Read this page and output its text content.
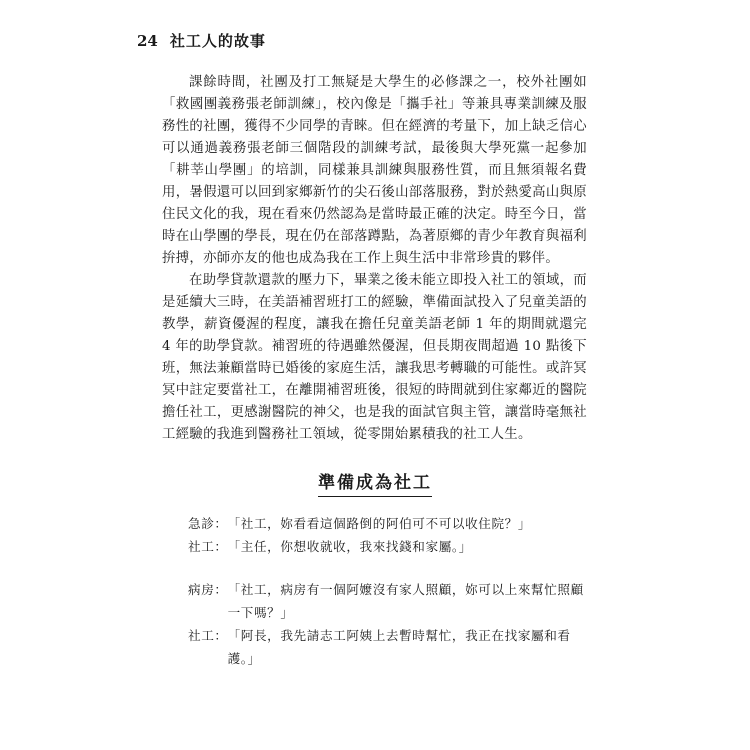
24 社工人的故事

課餘時間，社團及打工無疑是大學生的必修課之一，校外社團如「救國團義務張老師訓練」，校內像是「攜手社」等兼具專業訓練及服務性的社團，獲得不少同學的青睞。但在經濟的考量下，加上缺乏信心可以通過義務張老師三個階段的訓練考試，最後與大學死黨一起參加「耕莘山學團」的培訓，同樣兼具訓練與服務性質，而且無須報名費用，暑假還可以回到家鄉新竹的尖石後山部落服務，對於熱愛高山與原住民文化的我，現在看來仍然認為是當時最正確的決定。時至今日，當時在山學團的學長，現在仍在部落蹲點，為著原鄉的青少年教育與福利拚搏，亦師亦友的他也成為我在工作上與生活中非常珍貴的夥伴。

在助學貸款還款的壓力下，畢業之後未能立即投入社工的領域，而是延續大三時，在美語補習班打工的經驗，準備面試投入了兒童美語的教學，薪資優渥的程度，讓我在擔任兒童美語老師 1 年的期間就還完 4 年的助學貸款。補習班的待遇雖然優渥，但長期夜間超過 10 點後下班，無法兼顧當時已婚後的家庭生活，讓我思考轉職的可能性。或許冥冥中註定要當社工，在離開補習班後，很短的時間就到住家鄰近的醫院擔任社工，更感謝醫院的神父，也是我的面試官與主管，讓當時毫無社工經驗的我進到醫務社工領域，從零開始累積我的社工人生。

準備成為社工
急診： 「社工，妳看看這個路倒的阿伯可不可以收住院？」
社工： 「主任，你想收就收，我來找錢和家屬。」
病房： 「社工，病房有一個阿嬤沒有家人照顧，妳可以上來幫忙照顧一下嗎？」
社工： 「阿長，我先請志工阿姨上去暫時幫忙，我正在找家屬和看護。」
